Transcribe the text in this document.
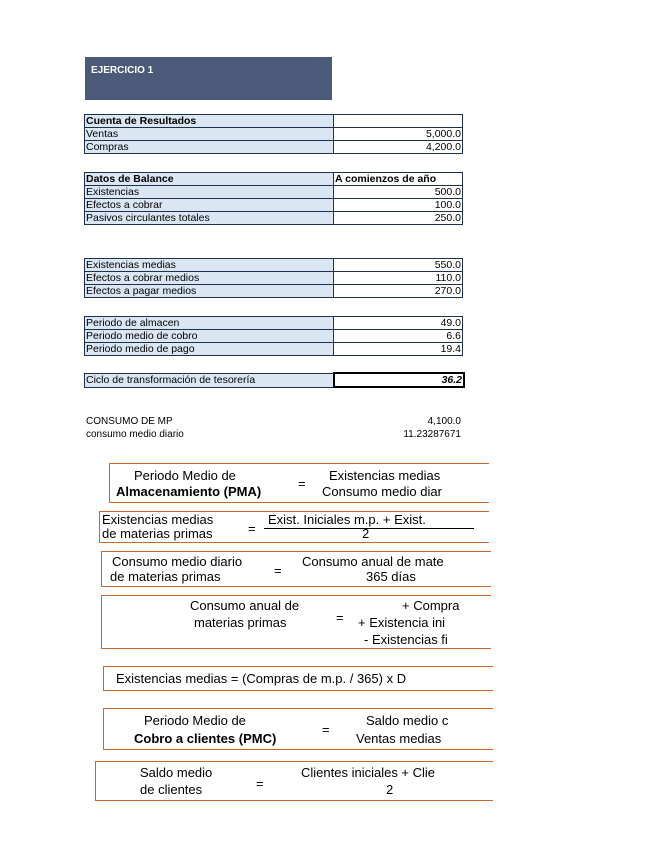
EJERCICIO 1
Cuenta de Resultados	
Ventas	5,000.0
Compras	4,200.0
Datos de Balance	A comienzos de año
Existencias	500.0
Efectos a cobrar	100.0
Pasivos circulantes totales	250.0
Existencias medias	550.0
Efectos a cobrar medios	110.0
Efectos a pagar medios	270.0
Periodo de almacen	49.0
Periodo medio de cobro	6.6
Periodo medio de pago	19.4
Ciclo de transformación de tesorería	36.2
CONSUMO DE MP	4,100.0
consumo medio diario	11.23287671
Periodo Medio de
Almacenamiento (PMA)
=
Existencias medias
Consumo medio diar
Existencias medias
de materias primas	=
Exist. Iniciales m.p. + Exist.
2
Consumo medio diario
de materias primas	=
Consumo anual de mate
365 días
Consumo anual de
materias primas	=
+ Compra
+ Existencia ini
- Existencias fi
Existencias medias = (Compras de m.p. / 365) x D
Periodo Medio de
Cobro a clientes (PMC)
=
Saldo medio c
Ventas medias
Saldo medio
de clientes	=
Clientes iniciales + Clie
2
